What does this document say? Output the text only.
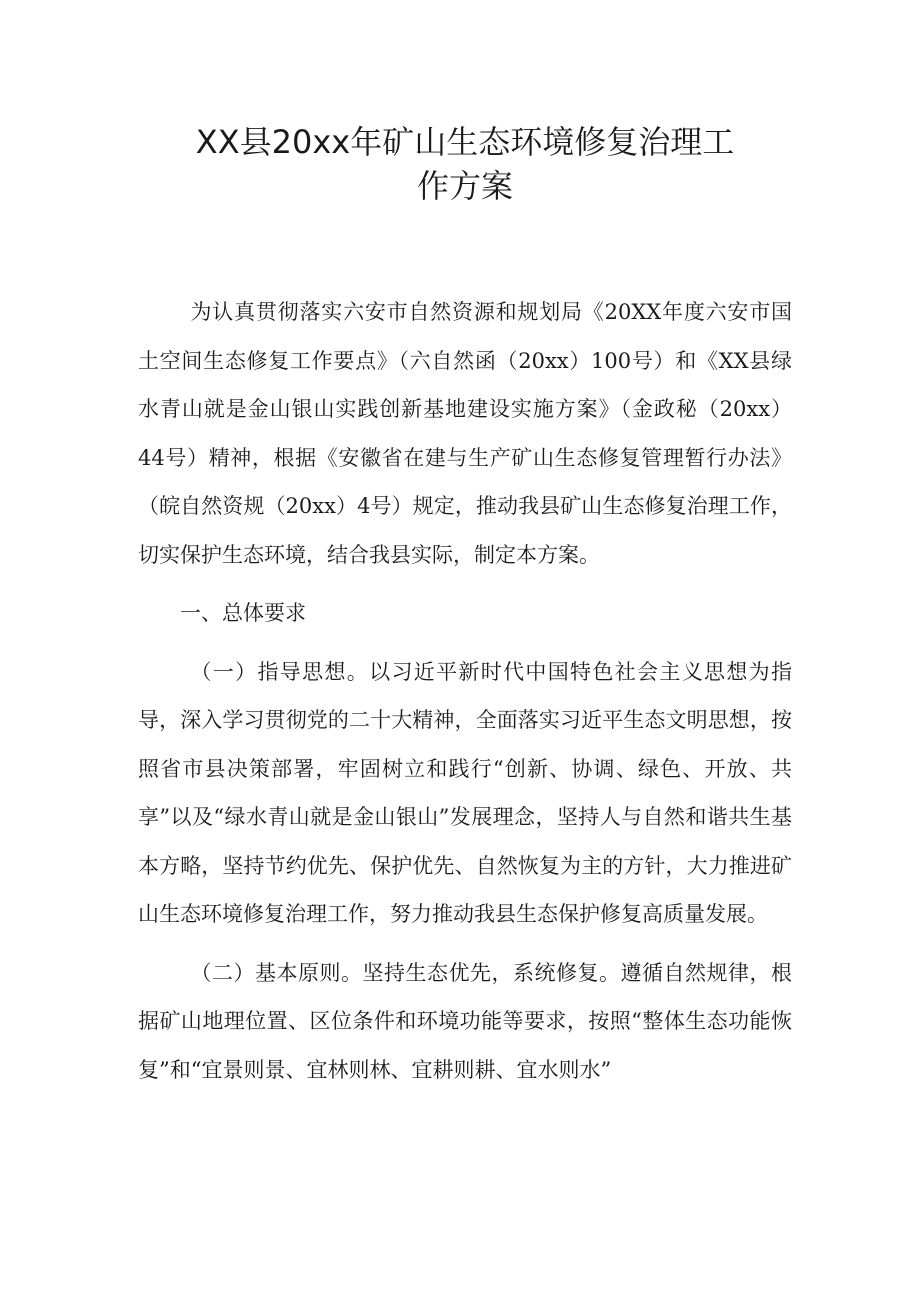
XX县20xx年矿山生态环境修复治理工
作方案

为认真贯彻落实六安市自然资源和规划局《20XX年度六安市国土空间生态修复工作要点》（六自然函（20xx）100号）和《XX县绿水青山就是金山银山实践创新基地建设实施方案》（金政秘（20xx）44号）精神，根据《安徽省在建与生产矿山生态修复管理暂行办法》（皖自然资规（20xx）4号）规定，推动我县矿山生态修复治理工作，切实保护生态环境，结合我县实际，制定本方案。

一、总体要求

（一）指导思想。以习近平新时代中国特色社会主义思想为指导，深入学习贯彻党的二十大精神，全面落实习近平生态文明思想，按照省市县决策部署，牢固树立和践行“创新、协调、绿色、开放、共享”以及“绿水青山就是金山银山”发展理念，坚持人与自然和谐共生基本方略，坚持节约优先、保护优先、自然恢复为主的方针，大力推进矿山生态环境修复治理工作，努力推动我县生态保护修复高质量发展。

（二）基本原则。坚持生态优先，系统修复。遵循自然规律，根据矿山地理位置、区位条件和环境功能等要求，按照“整体生态功能恢复”和“宜景则景、宜林则林、宜耕则耕、宜水则水”
